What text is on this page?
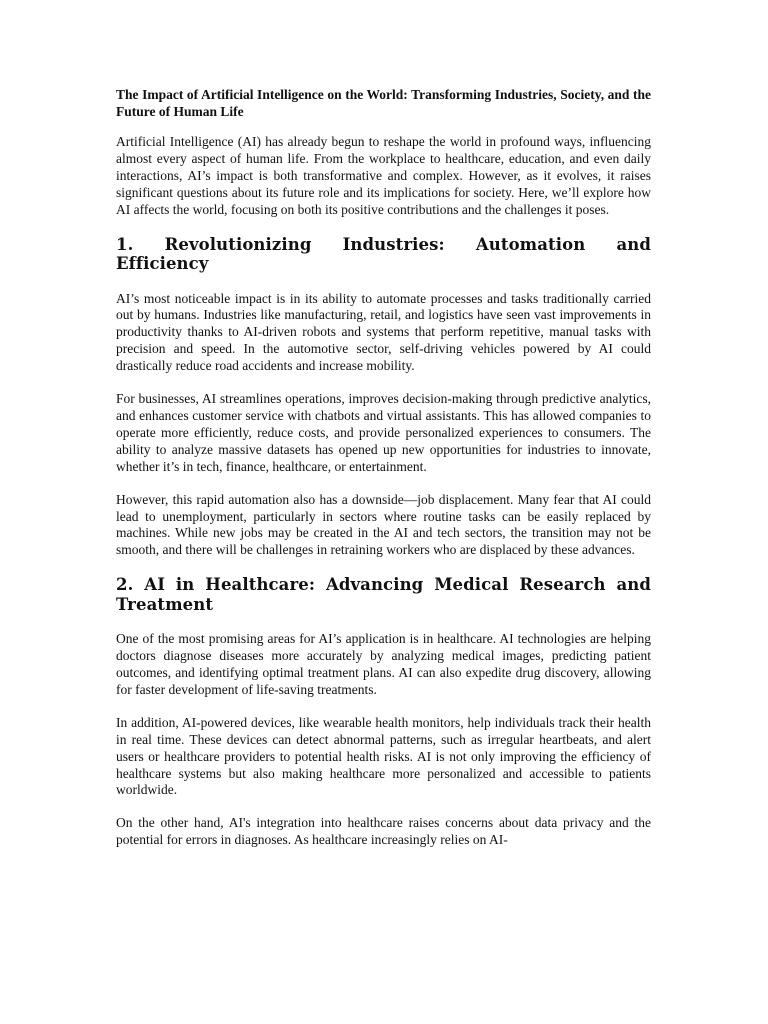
The Impact of Artificial Intelligence on the World: Transforming Industries, Society, and the Future of Human Life

Artificial Intelligence (AI) has already begun to reshape the world in profound ways, influencing almost every aspect of human life. From the workplace to healthcare, education, and even daily interactions, AI’s impact is both transformative and complex. However, as it evolves, it raises significant questions about its future role and its implications for society. Here, we’ll explore how AI affects the world, focusing on both its positive contributions and the challenges it poses.

1. Revolutionizing Industries: Automation and
Efficiency

AI’s most noticeable impact is in its ability to automate processes and tasks traditionally carried out by humans. Industries like manufacturing, retail, and logistics have seen vast improvements in productivity thanks to AI-driven robots and systems that perform repetitive, manual tasks with precision and speed. In the automotive sector, self-driving vehicles powered by AI could drastically reduce road accidents and increase mobility.

For businesses, AI streamlines operations, improves decision-making through predictive analytics, and enhances customer service with chatbots and virtual assistants. This has allowed companies to operate more efficiently, reduce costs, and provide personalized experiences to consumers. The ability to analyze massive datasets has opened up new opportunities for industries to innovate, whether it’s in tech, finance, healthcare, or entertainment.

However, this rapid automation also has a downside—job displacement. Many fear that AI could lead to unemployment, particularly in sectors where routine tasks can be easily replaced by machines. While new jobs may be created in the AI and tech sectors, the transition may not be smooth, and there will be challenges in retraining workers who are displaced by these advances.

2. AI in Healthcare: Advancing Medical Research and Treatment

One of the most promising areas for AI’s application is in healthcare. AI technologies are helping doctors diagnose diseases more accurately by analyzing medical images, predicting patient outcomes, and identifying optimal treatment plans. AI can also expedite drug discovery, allowing for faster development of life-saving treatments.

In addition, AI-powered devices, like wearable health monitors, help individuals track their health in real time. These devices can detect abnormal patterns, such as irregular heartbeats, and alert users or healthcare providers to potential health risks. AI is not only improving the efficiency of healthcare systems but also making healthcare more personalized and accessible to patients worldwide.

On the other hand, AI's integration into healthcare raises concerns about data privacy and the potential for errors in diagnoses. As healthcare increasingly relies on AI-
